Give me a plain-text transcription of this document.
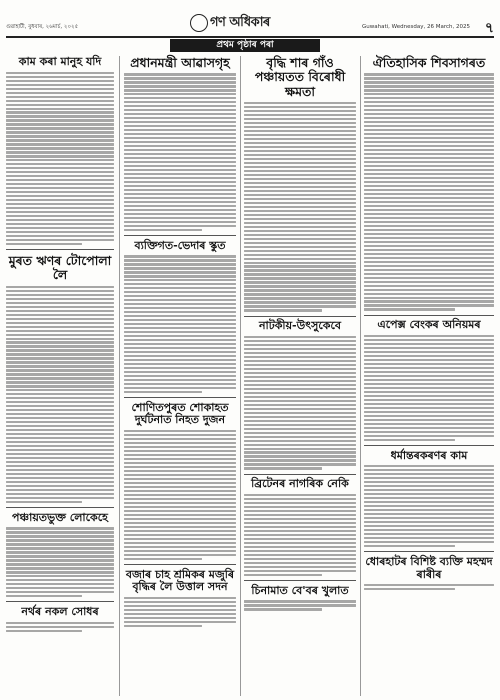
গুৱাহাটী, বুধবাৰ, ২৬মাৰ্চ, ২০২৫	গণ অধিকাৰ	Guwahati, Wednesday, 26 March, 2025 ৭
প্ৰথম পৃষ্ঠাৰ পৰা
কাম কৰা মানুহ যদি
মুৰত ঋণৰ টোপোলা লৈ
পঞ্চায়তভুক্ত লোকেহে
নৰ্থৰ নকল সোধৰ
প্ৰধানমন্ত্ৰী আৱাসগৃহ
ব্যক্তিগত-ভেদাৰ স্কুত
শোণিতপুৰত শোকাহত দুৰ্ঘটনাত নিহত দুজন
বজাৰ চাহ শ্ৰমিকৰ মজুৰি বৃদ্ধিৰ লৈ উত্তাল সদন
বৃদ্ধি শাৰ গাঁও পঞ্চায়তত বিৰোধী ক্ষমতা
নাটকীয়-উৎসুকেবে
ব্ৰিটেনৰ নাগৰিক নেকি
চিনামাত বে'বৰ খুলাত
ঐতিহাসিক শিবসাগৰত
এপেক্স বেংকৰ অনিয়মৰ
ধৰ্মান্তৰকৰণৰ কাম
ধোৰহাটৰ বিশিষ্ট ব্যক্তি মহম্মদ ৰাৰীৰ
